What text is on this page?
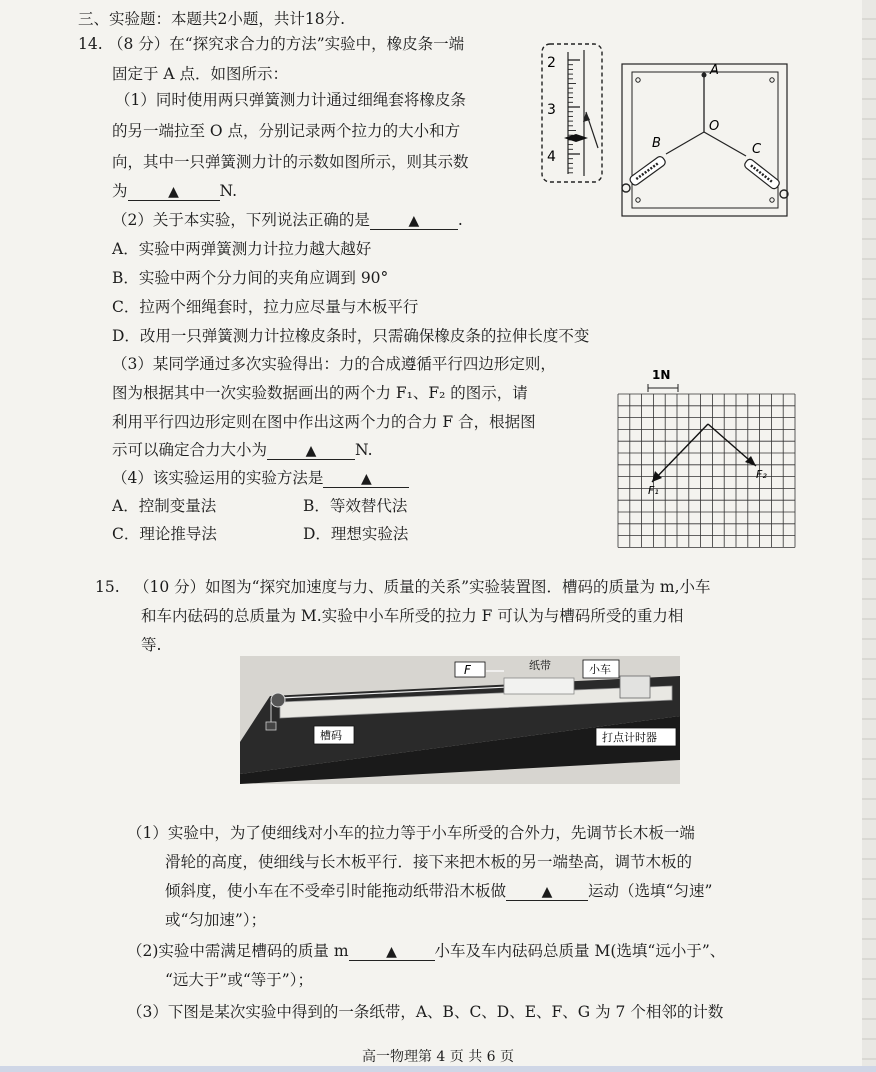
三、实验题：本题共2小题，共计18分.
14. （8 分）在“探究求合力的方法”实验中，橡皮条一端
固定于 A 点．如图所示：
（1）同时使用两只弹簧测力计通过细绳套将橡皮条
的另一端拉至 O 点，分别记录两个拉力的大小和方
向，其中一只弹簧测力计的示数如图所示，则其示数
为	▲	N.
（2）关于本实验，下列说法正确的是	▲ .
A．实验中两弹簧测力计拉力越大越好
B．实验中两个分力间的夹角应调到 90°
C．拉两个细绳套时，拉力应尽量与木板平行
D．改用一只弹簧测力计拉橡皮条时，只需确保橡皮条的拉伸长度不变
（3）某同学通过多次实验得出：力的合成遵循平行四边形定则，
图为根据其中一次实验数据画出的两个力 F₁、F₂ 的图示，请
利用平行四边形定则在图中作出这两个力的合力 F 合，根据图
示可以确定合力大小为	▲ N.
（4）该实验运用的实验方法是	▲
A．控制变量法	B．等效替代法
C．理论推导法	D．理想实验法
2
3
4
A
O
B	C
1N
F₁
F₂
15. （10 分）如图为“探究加速度与力、质量的关系”实验装置图．槽码的质量为 m,小车
和车内砝码的总质量为 M.实验中小车所受的拉力 F 可认为与槽码所受的重力相
等.
F	纸带	小车
槽码	打点计时器
（1）实验中，为了使细线对小车的拉力等于小车所受的合外力，先调节长木板一端
滑轮的高度，使细线与长木板平行．接下来把木板的另一端垫高，调节木板的
倾斜度，使小车在不受牵引时能拖动纸带沿木板做	▲ 运动（选填“匀速”
或“匀加速”）；
（2)实验中需满足槽码的质量 m	▲ 小车及车内砝码总质量 M(选填“远小于”、
“远大于”或“等于”）；
（3）下图是某次实验中得到的一条纸带，A、B、C、D、E、F、G 为 7 个相邻的计数
高一物理第 4 页 共 6 页
